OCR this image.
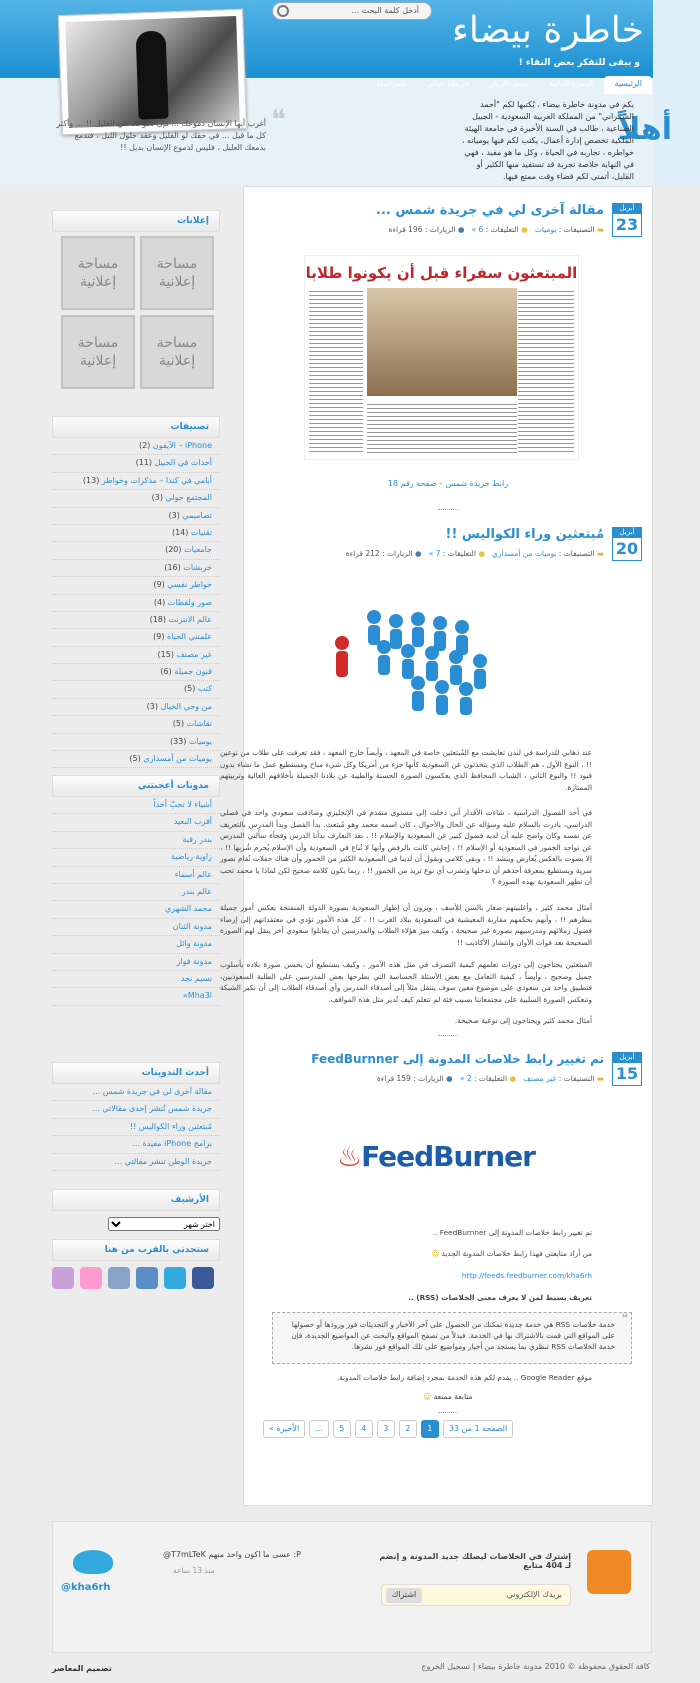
أدخل كلمة البحث ... خاطرة بيضاء
و يبقى للتفكر بعض النقاء !
الرئيسية
السيرة الذاتية
سجل الزوار
خريطة حياتي
للمراسلة
أهلاً
بكم في مدونة خاطرة بيضاء ، يُكتبها لكم "أحمد الشمراني" من المملكة العربية السعودية - الجبيل الصناعية ، طالب في السنة الأخيرة في جامعة الهيئة الملكية تخصص إدارة أعمال، يكتب لكم فيها يومياته ، خواطره ، تجاربه في الحياة ، وكل ما هو مفيد ، فهي في النهاية خلاصة تجربة قد تستفيد منها الكثير أو القليل، أتمنى لكم قضاء وقت ممتع فيها.
❝
أغرب أيها الإنسان دموعك ... فإن دموعك هي القليل !! ... وأكثر كل ما قيل ... في حقك لو القليل وعقد حلول الليل ، فتدمع بدمعك العليل ، فليس لدموع الإنسان بديل !!
أبريل
23
مقالة آخرى لي في جريدة شمس ...
▬ التصنيفات : يوميات   ● التعليقات : 6 »   ● الزيارات : 196 قراءة
المبتعثون سفراء قبل أن يكونوا طلابا
رابط جريدة شمس – صفحة رقم 18
أبريل
20
مُبتعثين وراء الكواليس !!
▬ التصنيفات : يوميات من أمسداري   ● التعليقات : 7 »   ● الزيارات : 212 قراءة
عند ذهابي للدراسة في لندن تعايشت مع المُبتعثين خاصة في المعهد ، وأيضاً خارج المعهد ، فقد تعرفت على طلاب من نوعين !! ، النوع الأول ، هم الطلاب الذي يتحدثون عن السعودية كأنها جزء من أمريكا وكل شيء مباح ومستطيع عمل ما نشاء بدون قيود !! والنوع الثاني ، الشباب المحافظ الذي يعكسون الصورة الحسنة والطيبة عن بلادنا الجميلة بأخلاقهم العالية وتربيتهم الممتازة.
في أحد الفصول الدراسية ، شاءت الأقدار أني دخلت إلى مستوى متقدم في الإنجليزي وصادفت سعودي واحد في فصلي الدراسي، بادرت بالسلام عليه وسؤاله عن الحال والأحوال ، كان اسمه محمد وهو مُبتعث. بدأ الفصل وبدأ المدرس بالتعريف عن نفسه وكان واضح عليه أن لديه فضول كبير عن السعودية والإسلام !! ، بعد التعارف بدأنا الدرس وفجأة سأَلني المدرس عن تواجد الخمور في السعودية أو الإسلام !! ، إجابتي كانت بالرفض وأنها لا تُباع في السعودية وأن الإسلام يُحرم شُربها !! ، إلا بصوت بالعكس يُعارض وينشد !! ، وبقي كلامي وبقول أن لدينا في السعودية الكثير من الخمور وأن هناك حفلات تُقام بصور سرية ويستطيع بمعرفة أحدهم أن تدخلها وتشرب أي نوع تريد من الخمور !! ، ربما يكون كلامه صحيح لكن لماذا يا محمد تحب أن تظهر السعودية بهذه الصورة ؟
أمثال محمد كثير ، وأغلبيتهم صغار بالسن للأسف ، ويرون أن إظهار السعودية بصورة الدولة المنفتحة يعكس أمور جميلة بنظرهم !! ، وأنهم بحكمهم مقارنة المعيشية في السعودية ببلاد الغرب !! ، كل هذه الأمور تؤدي في معتقداتهم إلى إرضاء فضول زملائهم ومدرسيهم بصورة غير صحيحة ، وكيف ميز هؤلاء الطلاب والمدرسين أن يقابلوا سعودي آخر ينقل لهم الصورة الصحيحة بعد فوات الأوان وانتشار الأكاذيب !!
المبتعثين يحتاجون إلى دورات تعلمهم كيفية التصرف في مثل هذه الأمور ، وكيف يستطيع أن يحسن صورة بلاده بأسلوب جميل وصحيح ، وأيضاً ، كيفية التعامل مع بعض الأسئلة الحساسة التي يطرحها بعض المدرسين على الطلبة السعوديين، فتطبيق واحد من سعودي على موضوع معين سوف ينتقل مثلاً إلى أصدقاء المدرس وأي أصدقاء الطلاب إلى أن تكبر الشبكة وتنعكس الصورة السلبية على مجتمعاتنا بسبب فئة لم تتعلم كيف تُدير مثل هذه المواقف.
أمثال محمد كثير ويحتاجون إلى توعية صحيحة.
أبريل
15
تم تغيير رابط خلاصات المدونة إلى FeedBurnner
▬ التصنيفات : غير مصنف   ● التعليقات : 2 »   ● الزيارات : 159 قراءة
♨FeedBurner
تم تغيير رابط خلاصات المدونة إلى FeedBurnner ..
من أراد متابعتي فهذا رابط خلاصات المدونة الجديد ☺
http://feeds.feedburner.com/kha6rh
تعريف بسيط لمن لا يعرف معنى الخلاصات (RSS) ..
❝
خدمة خلاصات RSS هي خدمة جديدة تمكنك من الحصول على آخر الأخبار و التحديثات فور ورودها أو حصولها على المواقع التي قمت بالاشتراك بها في الخدمة. فبدلاً من تصفح المواقع والبحث عن المواضيع الجديدة، فإن خدمة الخلاصات RSS تنظري بما يستجد من أخبار ومواضيع على تلك المواقع فور نشرها.
موقع Google Reader .. يقدم لكم هذه الخدمة بمجرد إضافة رابط خلاصات المدونة.
متابعة ممتعة ☺
« الأخيرة	...	5	4	3	2	1	الصفحة 1 من 33
إعلانات
مساحة إعلانية
مساحة إعلانية
مساحة إعلانية
مساحة إعلانية
تصنيفات
iPhone – الآيفون (2)
أحداث في الجبيل (11)
أيامي في كندا – مذكرات وخواطر (13)
المجتمع حولي (3)
تصاميمي (3)
تقنيات (14)
جامعيات (20)
خربشات (16)
خواطر نفسي (9)
صور ولقطات (4)
عالم الانترنت (18)
علمتني الحياة (9)
غير مصنف (15)
قنون جميلة (6)
كتب (5)
من وحي الخيال (3)
نقاشات (5)
يوميات (33)
يوميات من أمسداري (5)
مدونات أعجبتني
أشياء لا تحبّ أحداً
أقرب البعيد
بندر رقبة
زاوية رياضية
عالم أسماء
عالم بندر
محمد الشهري
مدونة الثنان
مدونة وائل
مدونة فواز
نسيم نجد
Mha3i»
أحدث التدوينات
مقالة آخرى لي في جريدة شمس ...
جريدة شمس تُنشر إحدى مقالاتي ...
مُبتعثين وراء الكواليس !!
برامج iPhone مفيدة ...
جريدة الوطن تنشر مقالتي ...
الأرشيف
اختر شهر
ستجدني بالقرب من هنا
إشترك في الخلاصات ليصلك جديد المدونة و إنضم لـ 404 متابع
بريدك الإلكتروني
اشتراك
@T7mLTeK عسى ما اكون واحد منهم :P
منذ 13 ساعة
@kha6rh
كافة الحقوق محفوظة © 2010 مدونة خاطرة بيضاء | تسجيل الخروج
تصميم المعاصر
